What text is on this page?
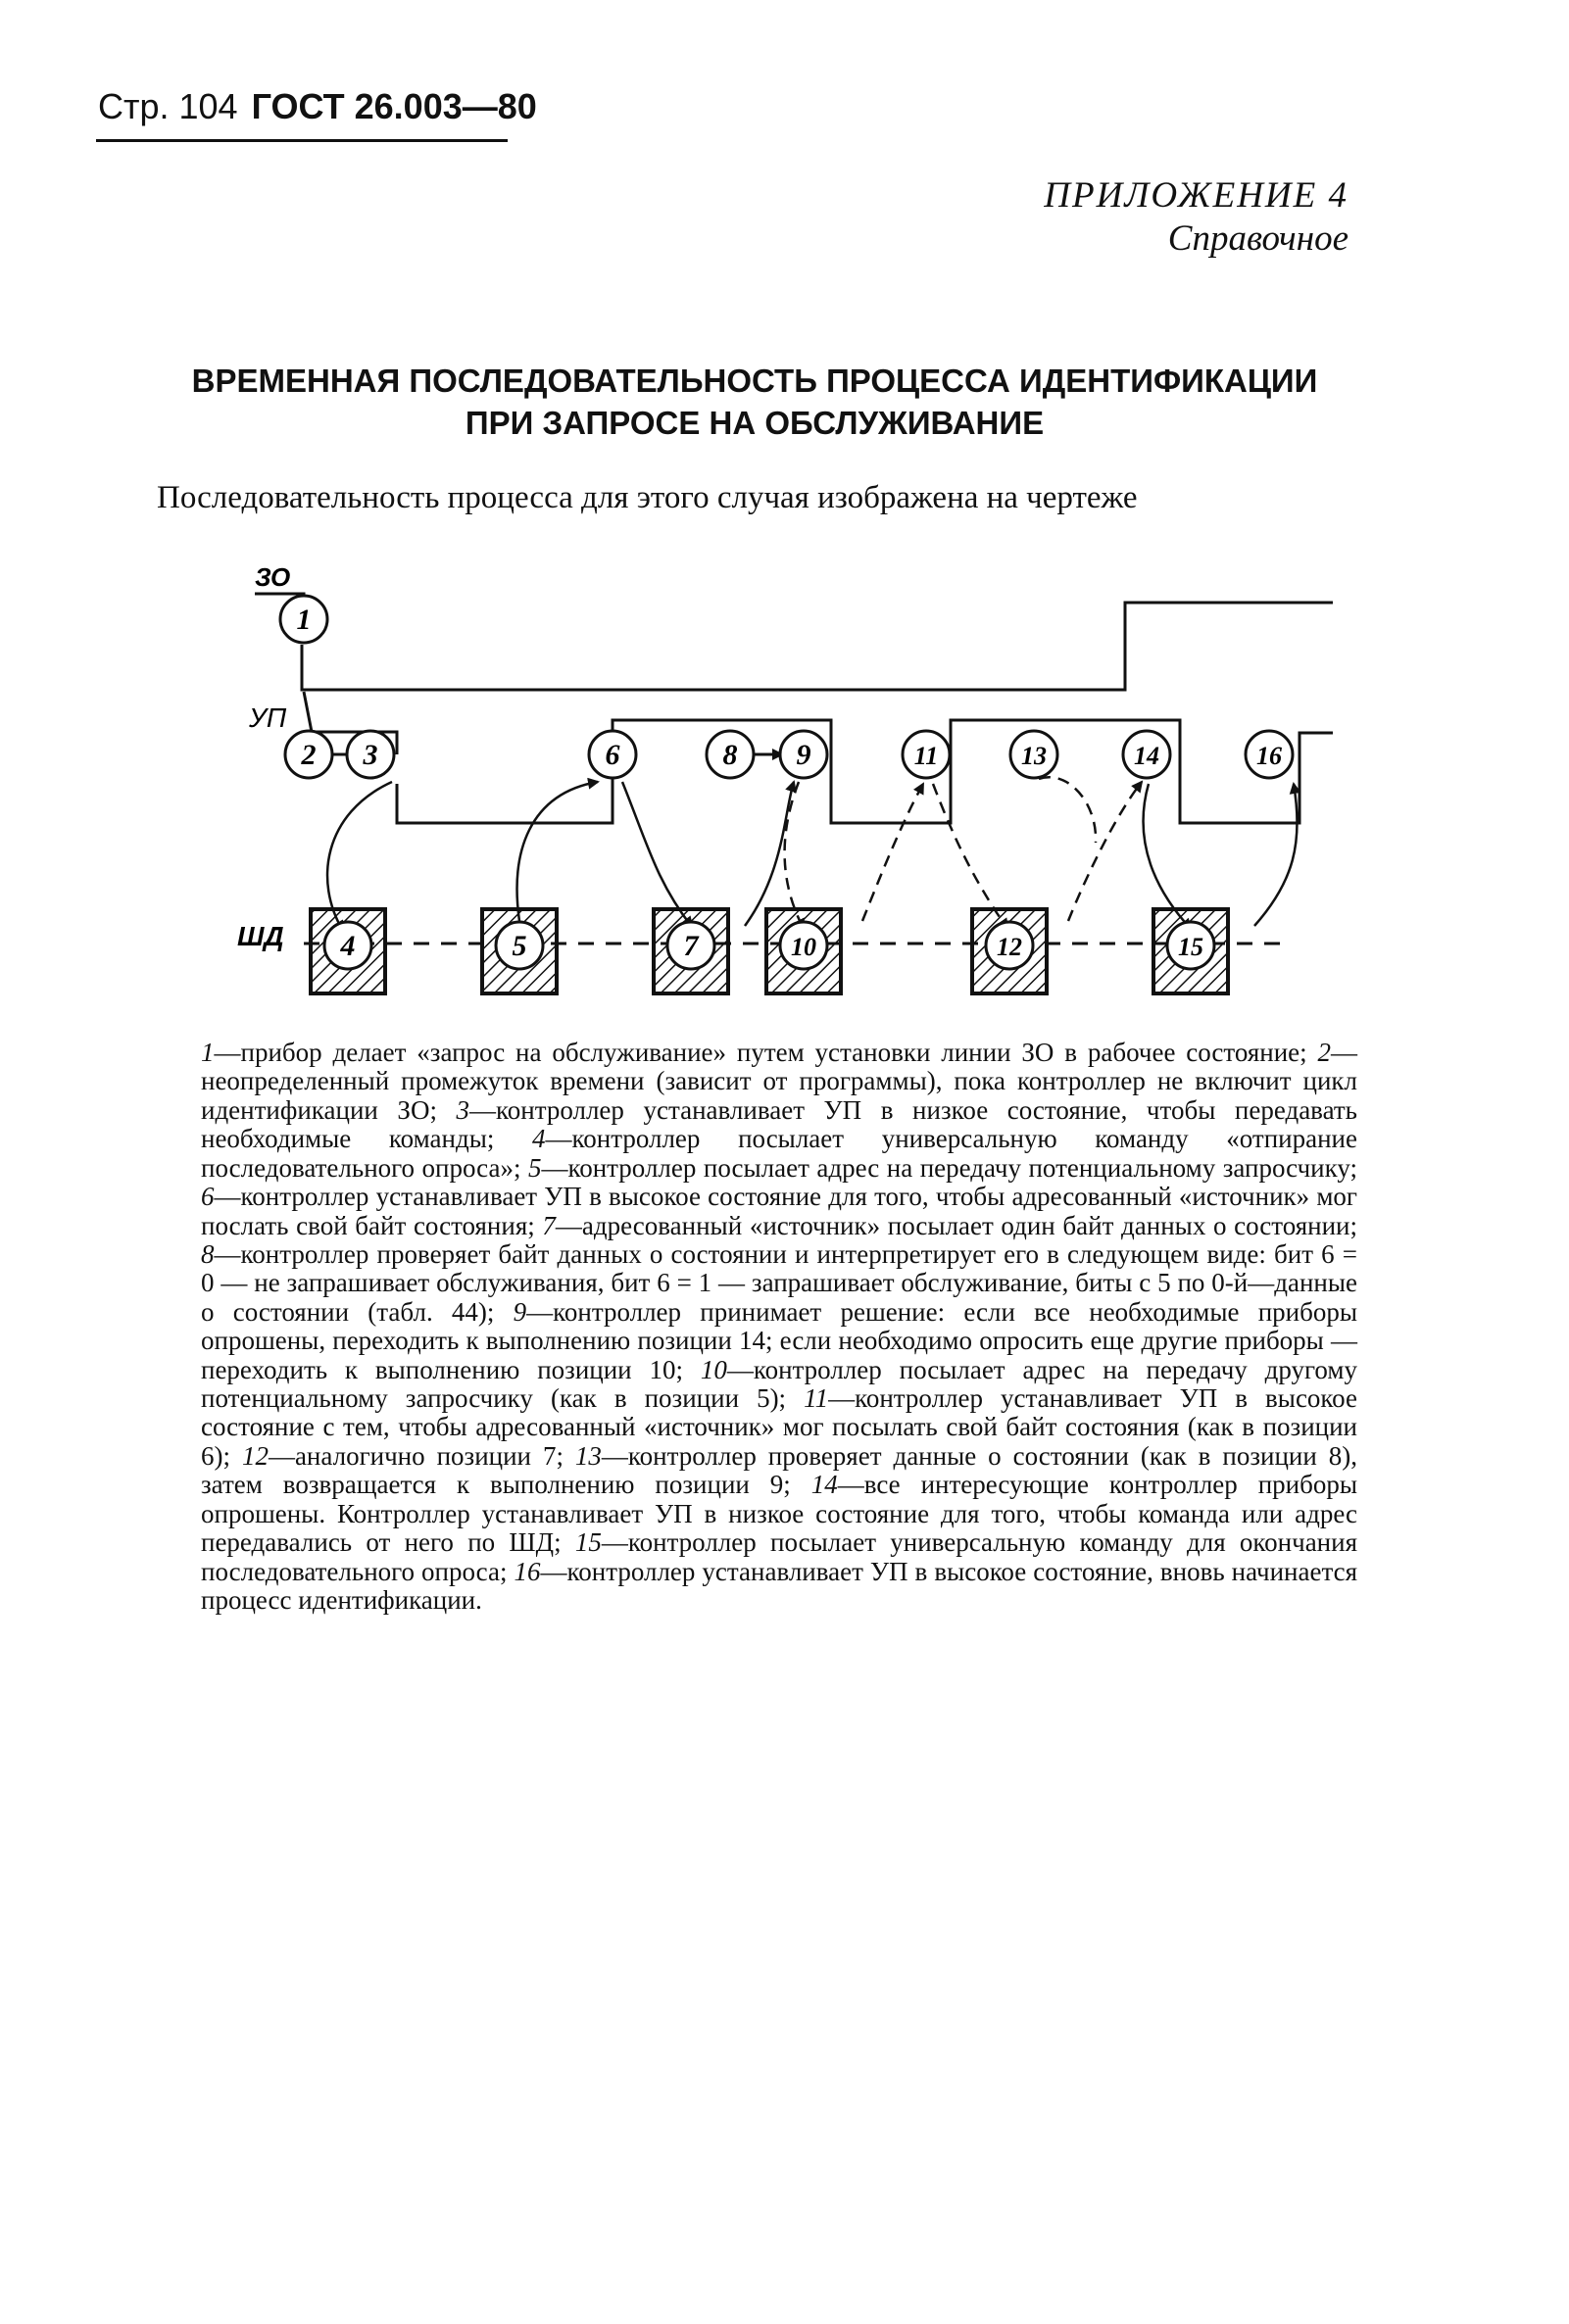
Стр. 104 ГОСТ 26.003—80
ПРИЛОЖЕНИЕ 4
Справочное
ВРЕМЕННАЯ ПОСЛЕДОВАТЕЛЬНОСТЬ ПРОЦЕССА ИДЕНТИФИКАЦИИ
ПРИ ЗАПРОСЕ НА ОБСЛУЖИВАНИЕ
Последовательность процесса для этого случая изображена на чертеже
ЗО
УП
ШД 4	5	7	10	12	15
1
2 3	6	8 9	11	13	14	16
1—прибор делает «запрос на обслуживание» путем установки линии ЗО в рабочее состояние; 2—неопределенный промежуток времени (зависит от программы), пока контроллер не включит цикл идентификации ЗО; 3—контроллер устанавливает УП в низкое состояние, чтобы передавать необходимые команды; 4—контроллер посылает универсальную команду «отпирание последовательного опроса»; 5—контроллер посылает адрес на передачу потенциальному запросчику; 6—контроллер устанавливает УП в высокое состояние для того, чтобы адресованный «источник» мог послать свой байт состояния; 7—адресованный «источник» посылает один байт данных о состоянии; 8—контроллер проверяет байт данных о состоянии и интерпретирует его в следующем виде: бит 6 = 0 — не запрашивает обслуживания, бит 6 = 1 — запрашивает обслуживание, биты с 5 по 0-й—данные о состоянии (табл. 44); 9—контроллер принимает решение: если все необходимые приборы опрошены, переходить к выполнению позиции 14; если необходимо опросить еще другие приборы — переходить к выполнению позиции 10; 10—контроллер посылает адрес на передачу другому потенциальному запросчику (как в позиции 5); 11—контроллер устанавливает УП в высокое состояние с тем, чтобы адресованный «источник» мог посылать свой байт состояния (как в позиции 6); 12—аналогично позиции 7; 13—контроллер проверяет данные о состоянии (как в позиции 8), затем возвращается к выполнению позиции 9; 14—все интересующие контроллер приборы опрошены. Контроллер устанавливает УП в низкое состояние для того, чтобы команда или адрес передавались от него по ШД; 15—контроллер посылает универсальную команду для окончания последовательного опроса; 16—контроллер устанавливает УП в высокое состояние, вновь начинается процесс идентификации.
